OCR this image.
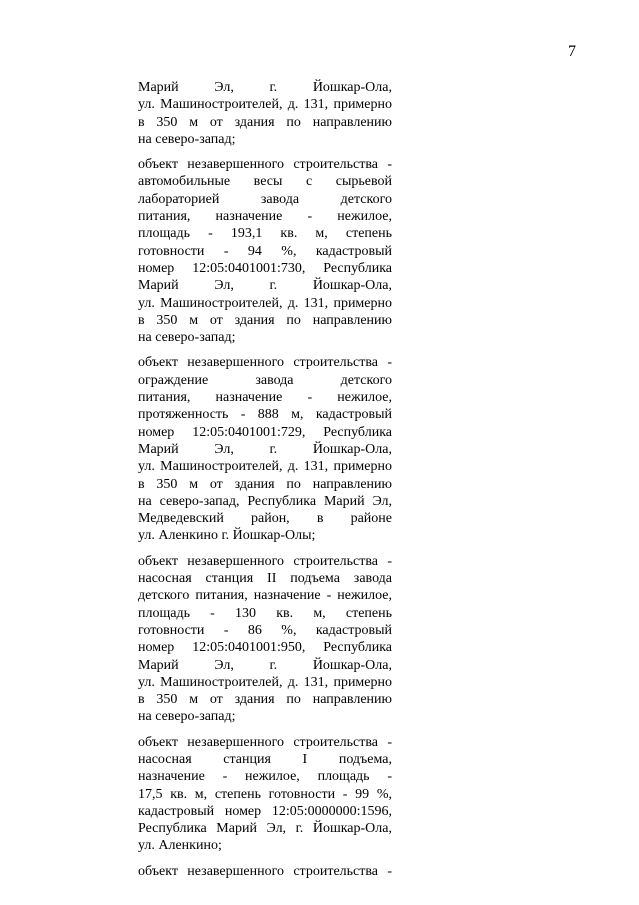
7
Марий Эл, г. Йошкар-Ола,
ул. Машиностроителей, д. 131, примерно
в 350 м от здания по направлению
на северо-запад;
объект незавершенного строительства -
автомобильные весы с сырьевой
лабораторией завода детского
питания, назначение - нежилое,
площадь - 193,1 кв. м, степень
готовности - 94 %, кадастровый
номер 12:05:0401001:730, Республика
Марий Эл, г. Йошкар-Ола,
ул. Машиностроителей, д. 131, примерно
в 350 м от здания по направлению
на северо-запад;
объект незавершенного строительства -
ограждение завода детского
питания, назначение - нежилое,
протяженность - 888 м, кадастровый
номер 12:05:0401001:729, Республика
Марий Эл, г. Йошкар-Ола,
ул. Машиностроителей, д. 131, примерно
в 350 м от здания по направлению
на северо-запад, Республика Марий Эл,
Медведевский район, в районе
ул. Аленкино г. Йошкар-Олы;
объект незавершенного строительства -
насосная станция II подъема завода
детского питания, назначение - нежилое,
площадь - 130 кв. м, степень
готовности - 86 %, кадастровый
номер 12:05:0401001:950, Республика
Марий Эл, г. Йошкар-Ола,
ул. Машиностроителей, д. 131, примерно
в 350 м от здания по направлению
на северо-запад;
объект незавершенного строительства -
насосная станция I подъема,
назначение - нежилое, площадь -
17,5 кв. м, степень готовности - 99 %,
кадастровый номер 12:05:0000000:1596,
Республика Марий Эл, г. Йошкар-Ола,
ул. Аленкино;
объект незавершенного строительства -
